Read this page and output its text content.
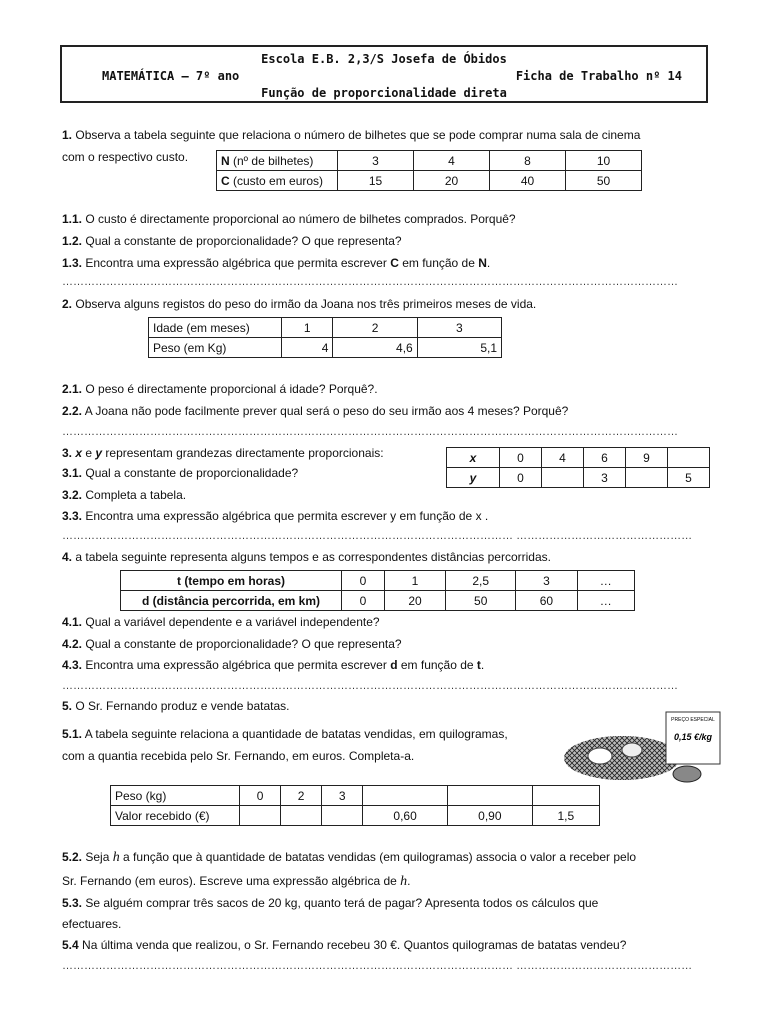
Escola E.B. 2,3/S Josefa de Óbidos
MATEMÁTICA – 7º ano	Ficha de Trabalho nº 14
Função de proporcionalidade direta
1. Observa a tabela seguinte que relaciona o número de bilhetes que se pode comprar numa sala de cinema
com o respectivo custo.	N (nº de bilhetes)	3	4	8	10
C (custo em euros)	15	20	40	50
1.1. O custo é directamente proporcional ao número de bilhetes comprados. Porquê?
1.2. Qual a constante de proporcionalidade? O que representa?
1.3. Encontra uma expressão algébrica que permita escrever C em função de N.
……………………………………………………………………………………………………………………………………………………
2. Observa alguns registos do peso do irmão da Joana nos três primeiros meses de vida.
Idade (em meses)	1	2	3
Peso (em Kg)	4	4,6	5,1
2.1. O peso é directamente proporcional á idade? Porquê?.
2.2. A Joana não pode facilmente prever qual será o peso do seu irmão aos 4 meses? Porquê?
……………………………………………………………………………………………………………………………………………………
3. x e y representam grandezas directamente proporcionais:	x	0	4	6	9	
y	0		3		5
3.1. Qual a constante de proporcionalidade?
3.2. Completa a tabela.
3.3. Encontra uma expressão algébrica que permita escrever y em função de x .
…………………………………………………………………………………………………………… …………………………………………
4. a tabela seguinte representa alguns tempos e as correspondentes distâncias percorridas.
t (tempo em horas)	0	1	2,5	3	…
d (distância percorrida, em km)	0	20	50	60	…
4.1. Qual a variável dependente e a variável independente?
4.2. Qual a constante de proporcionalidade? O que representa?
4.3. Encontra uma expressão algébrica que permita escrever d em função de t.
……………………………………………………………………………………………………………………………………………………
5. O Sr. Fernando produz e vende batatas.
5.1. A tabela seguinte relaciona a quantidade de batatas vendidas, em quilogramas,
com a quantia recebida pelo Sr. Fernando, em euros. Completa-a.
PREÇO ESPECIAL
0,15 €/kg
Peso (kg)	0	2	3			
Valor recebido (€)				0,60	0,90	1,5
5.2. Seja h a função que à quantidade de batatas vendidas (em quilogramas) associa o valor a receber pelo
Sr. Fernando (em euros). Escreve uma expressão algébrica de h.
5.3. Se alguém comprar três sacos de 20 kg, quanto terá de pagar? Apresenta todos os cálculos que
efectuares.
5.4 Na última venda que realizou, o Sr. Fernando recebeu 30 €. Quantos quilogramas de batatas vendeu?
…………………………………………………………………………………………………………… …………………………………………
